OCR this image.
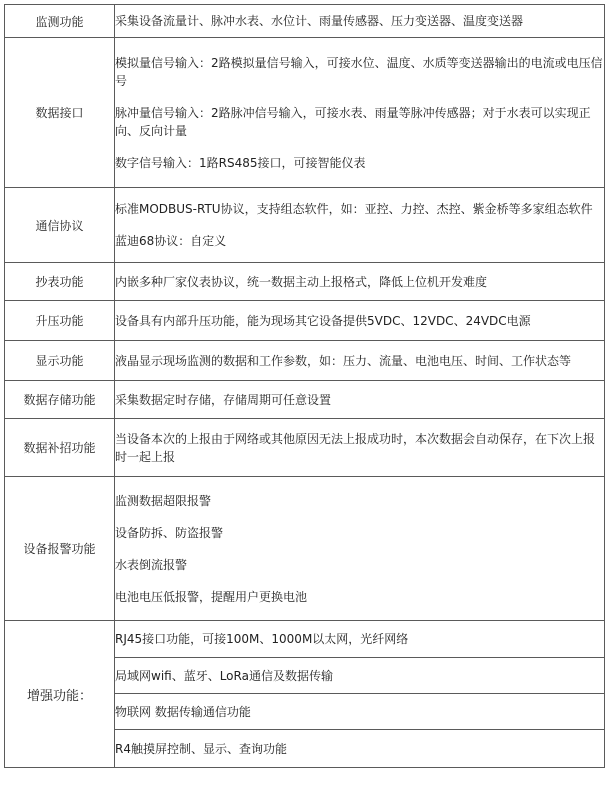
监测功能	采集设备流量计、脉冲水表、水位计、雨量传感器、压力变送器、温度变送器

数据接口	模拟量信号输入：2路模拟量信号输入，可接水位、温度、水质等变送器输出的电流或电压信号
脉冲量信号输入：2路脉冲信号输入，可接水表、雨量等脉冲传感器；对于水表可以实现正向、反向计量
数字信号输入：1路RS485接口，可接智能仪表

通信协议	标准MODBUS-RTU协议，支持组态软件，如：亚控、力控、杰控、紫金桥等多家组态软件
蓝迪68协议：自定义

抄表功能	内嵌多种厂家仪表协议，统一数据主动上报格式，降低上位机开发难度

升压功能	设备具有内部升压功能，能为现场其它设备提供5VDC、12VDC、24VDC电源

显示功能	液晶显示现场监测的数据和工作参数，如：压力、流量、电池电压、时间、工作状态等

数据存储功能	采集数据定时存储，存储周期可任意设置

数据补招功能	当设备本次的上报由于网络或其他原因无法上报成功时，本次数据会自动保存，在下次上报时一起上报

设备报警功能	监测数据超限报警
设备防拆、防盗报警
水表倒流报警
电池电压低报警，提醒用户更换电池

增强功能：	RJ45接口功能，可接100M、1000M以太网，光纤网络

	局域网wifi、蓝牙、LoRa通信及数据传输

	物联网 数据传输通信功能

	R4触摸屏控制、显示、查询功能
